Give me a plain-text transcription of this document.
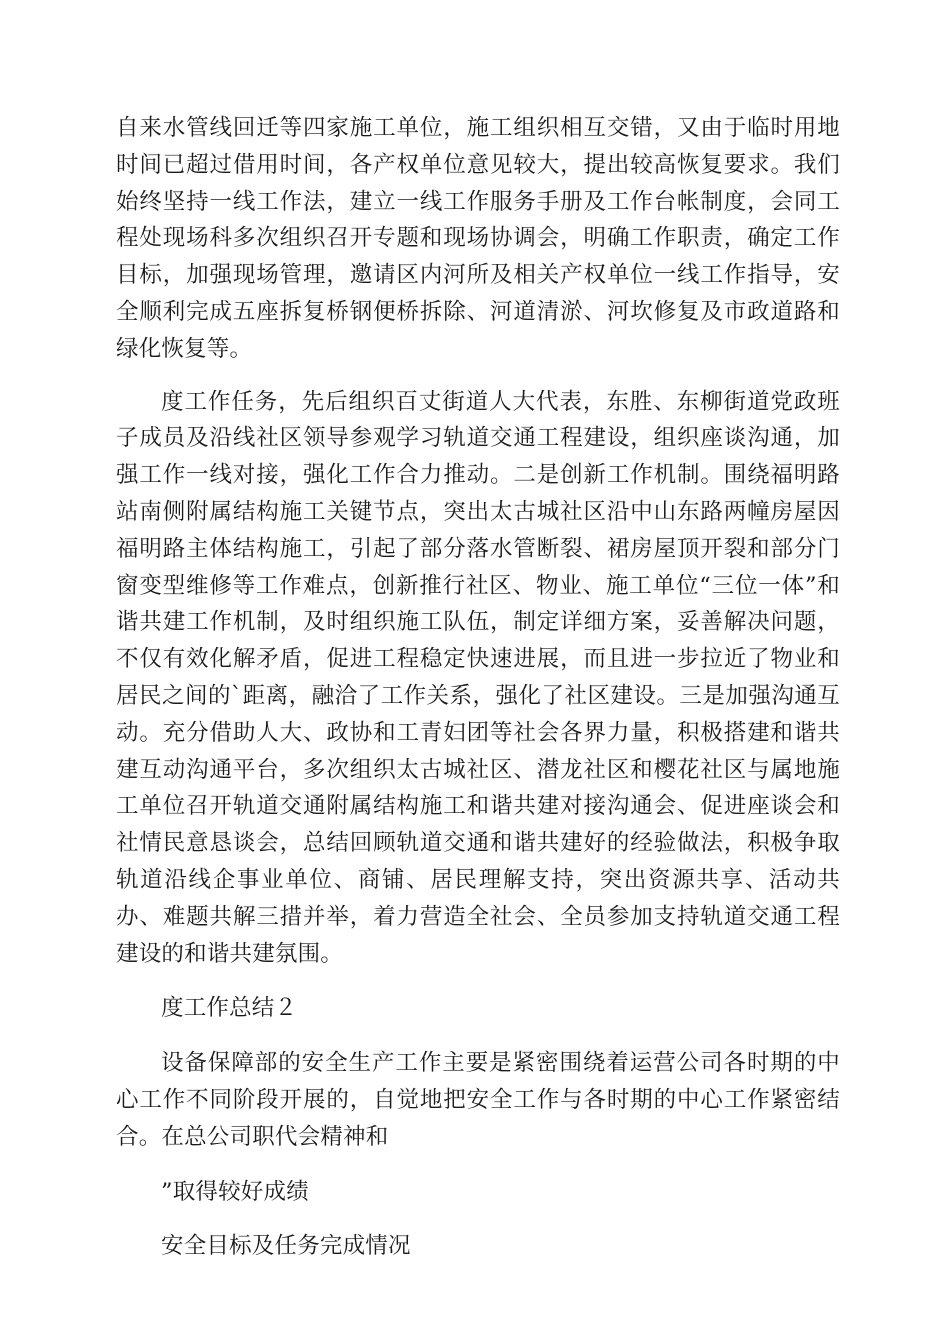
自来水管线回迁等四家施工单位，施工组织相互交错，又由于临时用地时间已超过借用时间，各产权单位意见较大，提出较高恢复要求。我们始终坚持一线工作法，建立一线工作服务手册及工作台帐制度，会同工程处现场科多次组织召开专题和现场协调会，明确工作职责，确定工作目标，加强现场管理，邀请区内河所及相关产权单位一线工作指导，安全顺利完成五座拆复桥钢便桥拆除、河道清淤、河坎修复及市政道路和绿化恢复等。

度工作任务，先后组织百丈街道人大代表，东胜、东柳街道党政班子成员及沿线社区领导参观学习轨道交通工程建设，组织座谈沟通，加强工作一线对接，强化工作合力推动。二是创新工作机制。围绕福明路站南侧附属结构施工关键节点，突出太古城社区沿中山东路两幢房屋因福明路主体结构施工，引起了部分落水管断裂、裙房屋顶开裂和部分门窗变型维修等工作难点，创新推行社区、物业、施工单位“三位一体”和谐共建工作机制，及时组织施工队伍，制定详细方案，妥善解决问题，不仅有效化解矛盾，促进工程稳定快速进展，而且进一步拉近了物业和居民之间的`距离，融洽了工作关系，强化了社区建设。三是加强沟通互动。充分借助人大、政协和工青妇团等社会各界力量，积极搭建和谐共建互动沟通平台，多次组织太古城社区、潜龙社区和樱花社区与属地施工单位召开轨道交通附属结构施工和谐共建对接沟通会、促进座谈会和社情民意恳谈会，总结回顾轨道交通和谐共建好的经验做法，积极争取轨道沿线企事业单位、商铺、居民理解支持，突出资源共享、活动共办、难题共解三措并举，着力营造全社会、全员参加支持轨道交通工程建设的和谐共建氛围。

度工作总结２

设备保障部的安全生产工作主要是紧密围绕着运营公司各时期的中心工作不同阶段开展的，自觉地把安全工作与各时期的中心工作紧密结合。在总公司职代会精神和

”取得较好成绩

安全目标及任务完成情况
